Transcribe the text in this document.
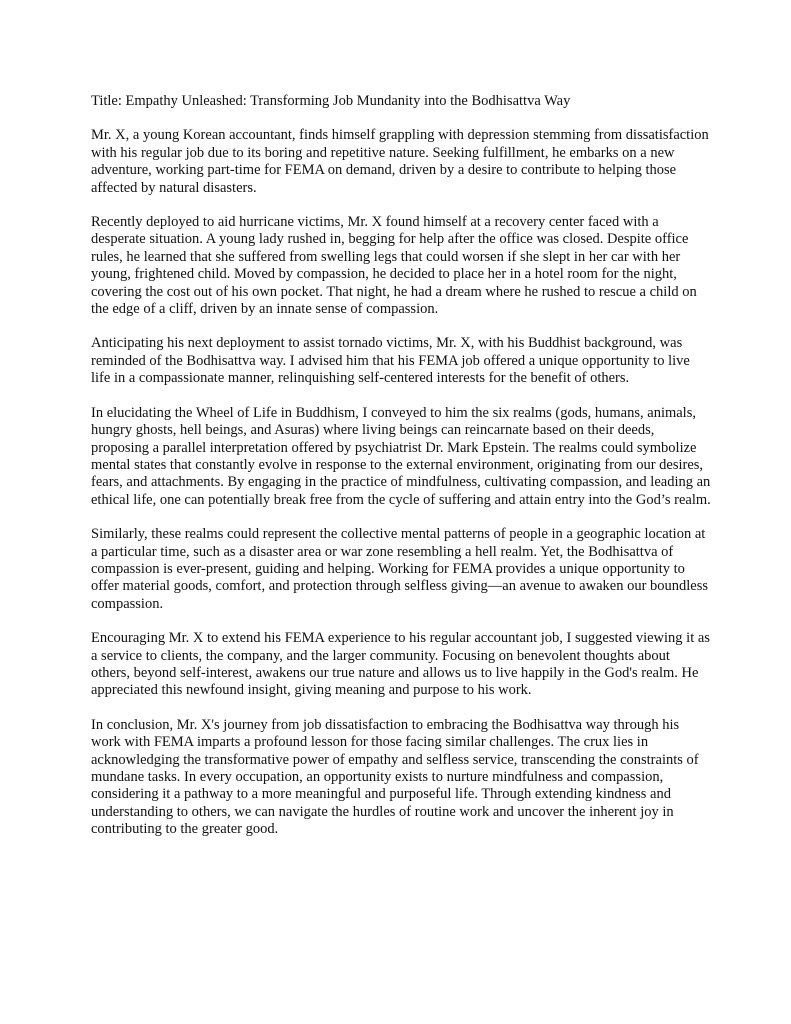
Title: Empathy Unleashed: Transforming Job Mundanity into the Bodhisattva Way

Mr. X, a young Korean accountant, finds himself grappling with depression stemming from dissatisfaction with his regular job due to its boring and repetitive nature. Seeking fulfillment, he embarks on a new adventure, working part-time for FEMA on demand, driven by a desire to contribute to helping those affected by natural disasters.

Recently deployed to aid hurricane victims, Mr. X found himself at a recovery center faced with a desperate situation. A young lady rushed in, begging for help after the office was closed. Despite office rules, he learned that she suffered from swelling legs that could worsen if she slept in her car with her young, frightened child. Moved by compassion, he decided to place her in a hotel room for the night, covering the cost out of his own pocket. That night, he had a dream where he rushed to rescue a child on the edge of a cliff, driven by an innate sense of compassion.

Anticipating his next deployment to assist tornado victims, Mr. X, with his Buddhist background, was reminded of the Bodhisattva way. I advised him that his FEMA job offered a unique opportunity to live life in a compassionate manner, relinquishing self-centered interests for the benefit of others.

In elucidating the Wheel of Life in Buddhism, I conveyed to him the six realms (gods, humans, animals, hungry ghosts, hell beings, and Asuras) where living beings can reincarnate based on their deeds, proposing a parallel interpretation offered by psychiatrist Dr. Mark Epstein. The realms could symbolize mental states that constantly evolve in response to the external environment, originating from our desires, fears, and attachments. By engaging in the practice of mindfulness, cultivating compassion, and leading an ethical life, one can potentially break free from the cycle of suffering and attain entry into the God’s realm.

Similarly, these realms could represent the collective mental patterns of people in a geographic location at a particular time, such as a disaster area or war zone resembling a hell realm. Yet, the Bodhisattva of compassion is ever-present, guiding and helping. Working for FEMA provides a unique opportunity to offer material goods, comfort, and protection through selfless giving—an avenue to awaken our boundless compassion.

Encouraging Mr. X to extend his FEMA experience to his regular accountant job, I suggested viewing it as a service to clients, the company, and the larger community. Focusing on benevolent thoughts about others, beyond self-interest, awakens our true nature and allows us to live happily in the God's realm. He appreciated this newfound insight, giving meaning and purpose to his work.

In conclusion, Mr. X's journey from job dissatisfaction to embracing the Bodhisattva way through his work with FEMA imparts a profound lesson for those facing similar challenges. The crux lies in acknowledging the transformative power of empathy and selfless service, transcending the constraints of mundane tasks. In every occupation, an opportunity exists to nurture mindfulness and compassion, considering it a pathway to a more meaningful and purposeful life. Through extending kindness and understanding to others, we can navigate the hurdles of routine work and uncover the inherent joy in contributing to the greater good.
